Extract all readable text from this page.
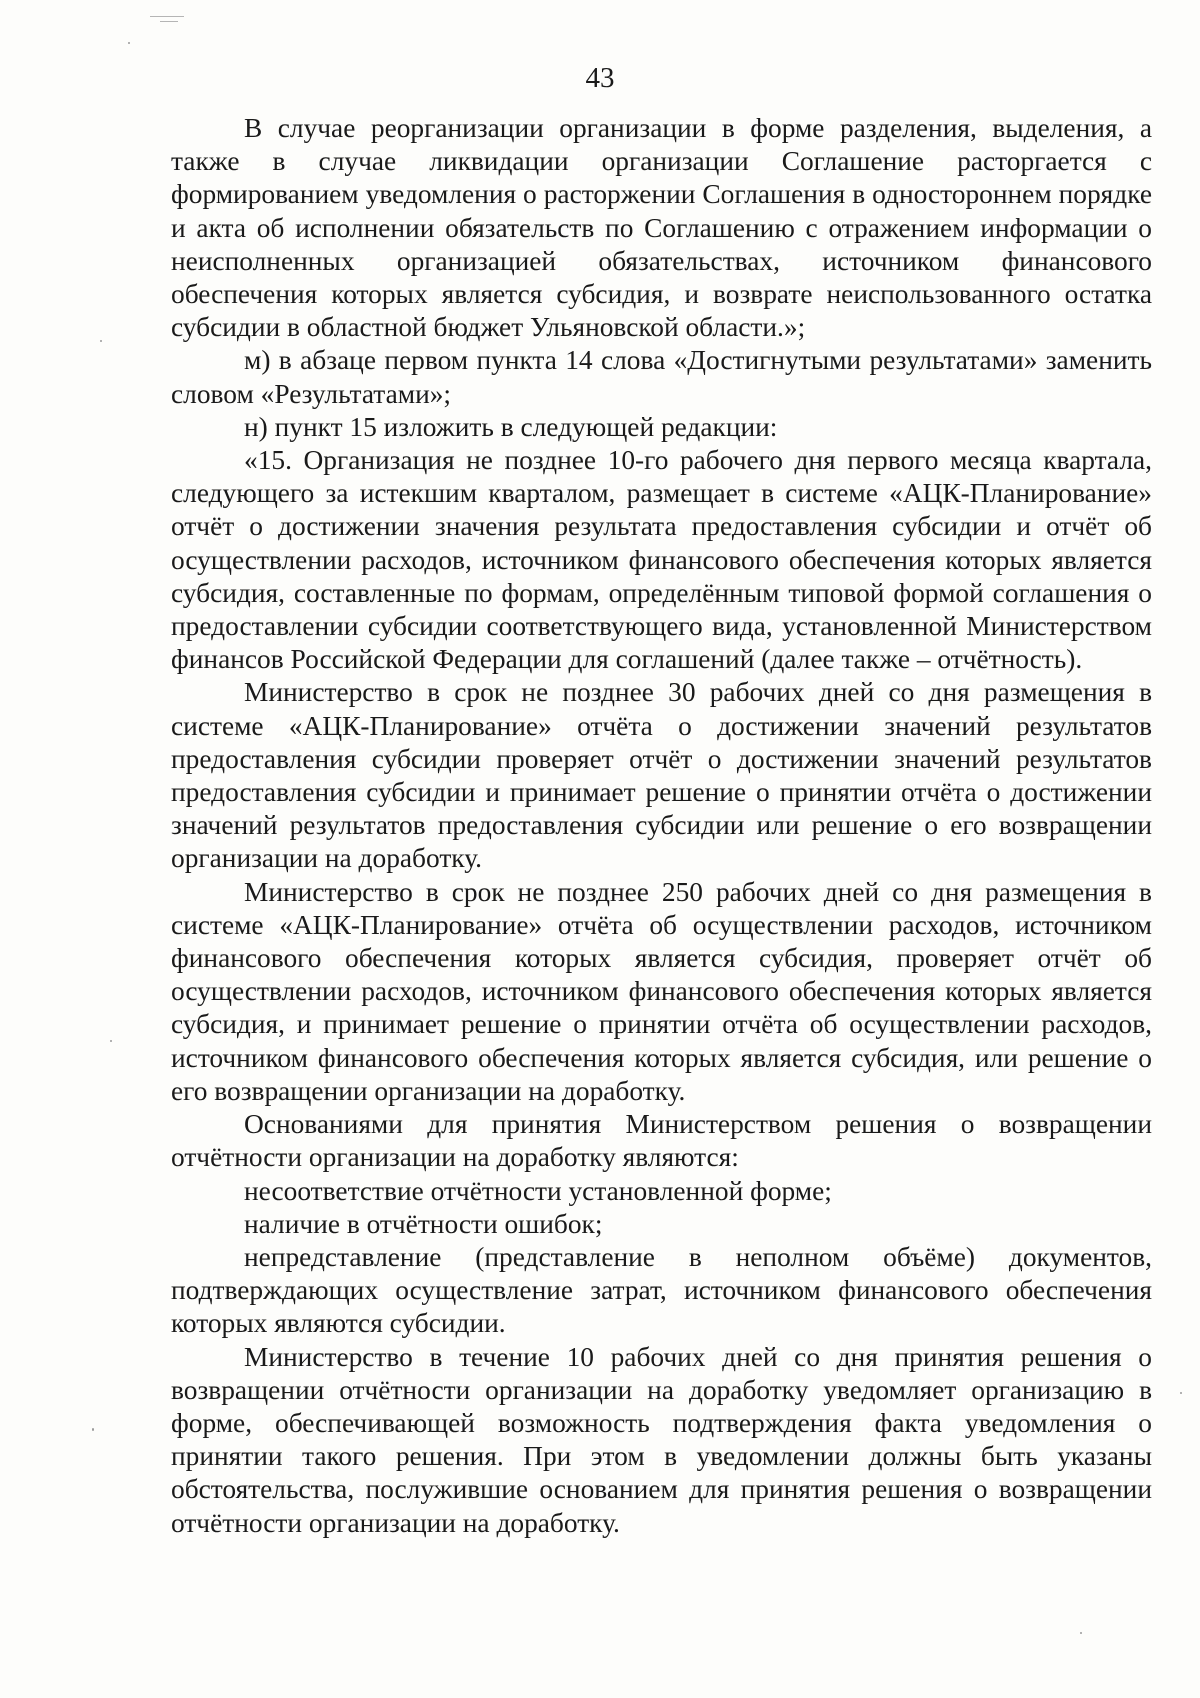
43

В случае реорганизации организации в форме разделения, выделения, а также в случае ликвидации организации Соглашение расторгается с формированием уведомления о расторжении Соглашения в одностороннем порядке и акта об исполнении обязательств по Соглашению с отражением информации о неисполненных организацией обязательствах, источником финансового обеспечения которых является субсидия, и возврате неиспользованного остатка субсидии в областной бюджет Ульяновской области.»;

м) в абзаце первом пункта 14 слова «Достигнутыми результатами» заменить словом «Результатами»;

н) пункт 15 изложить в следующей редакции:

«15. Организация не позднее 10-го рабочего дня первого месяца квартала, следующего за истекшим кварталом, размещает в системе «АЦК-Планирование» отчёт о достижении значения результата предоставления субсидии и отчёт об осуществлении расходов, источником финансового обеспечения которых является субсидия, составленные по формам, определённым типовой формой соглашения о предоставлении субсидии соответствующего вида, установленной Министерством финансов Российской Федерации для соглашений (далее также – отчётность).

Министерство в срок не позднее 30 рабочих дней со дня размещения в системе «АЦК-Планирование» отчёта о достижении значений результатов предоставления субсидии проверяет отчёт о достижении значений результатов предоставления субсидии и принимает решение о принятии отчёта о достижении значений результатов предоставления субсидии или решение о его возвращении организации на доработку.

Министерство в срок не позднее 250 рабочих дней со дня размещения в системе «АЦК-Планирование» отчёта об осуществлении расходов, источником финансового обеспечения которых является субсидия, проверяет отчёт об осуществлении расходов, источником финансового обеспечения которых является субсидия, и принимает решение о принятии отчёта об осуществлении расходов, источником финансового обеспечения которых является субсидия, или решение о его возвращении организации на доработку.

Основаниями для принятия Министерством решения о возвращении отчётности организации на доработку являются:

несоответствие отчётности установленной форме;

наличие в отчётности ошибок;

непредставление (представление в неполном объёме) документов, подтверждающих осуществление затрат, источником финансового обеспечения которых являются субсидии.

Министерство в течение 10 рабочих дней со дня принятия решения о возвращении отчётности организации на доработку уведомляет организацию в форме, обеспечивающей возможность подтверждения факта уведомления о принятии такого решения. При этом в уведомлении должны быть указаны обстоятельства, послужившие основанием для принятия решения о возвращении отчётности организации на доработку.
